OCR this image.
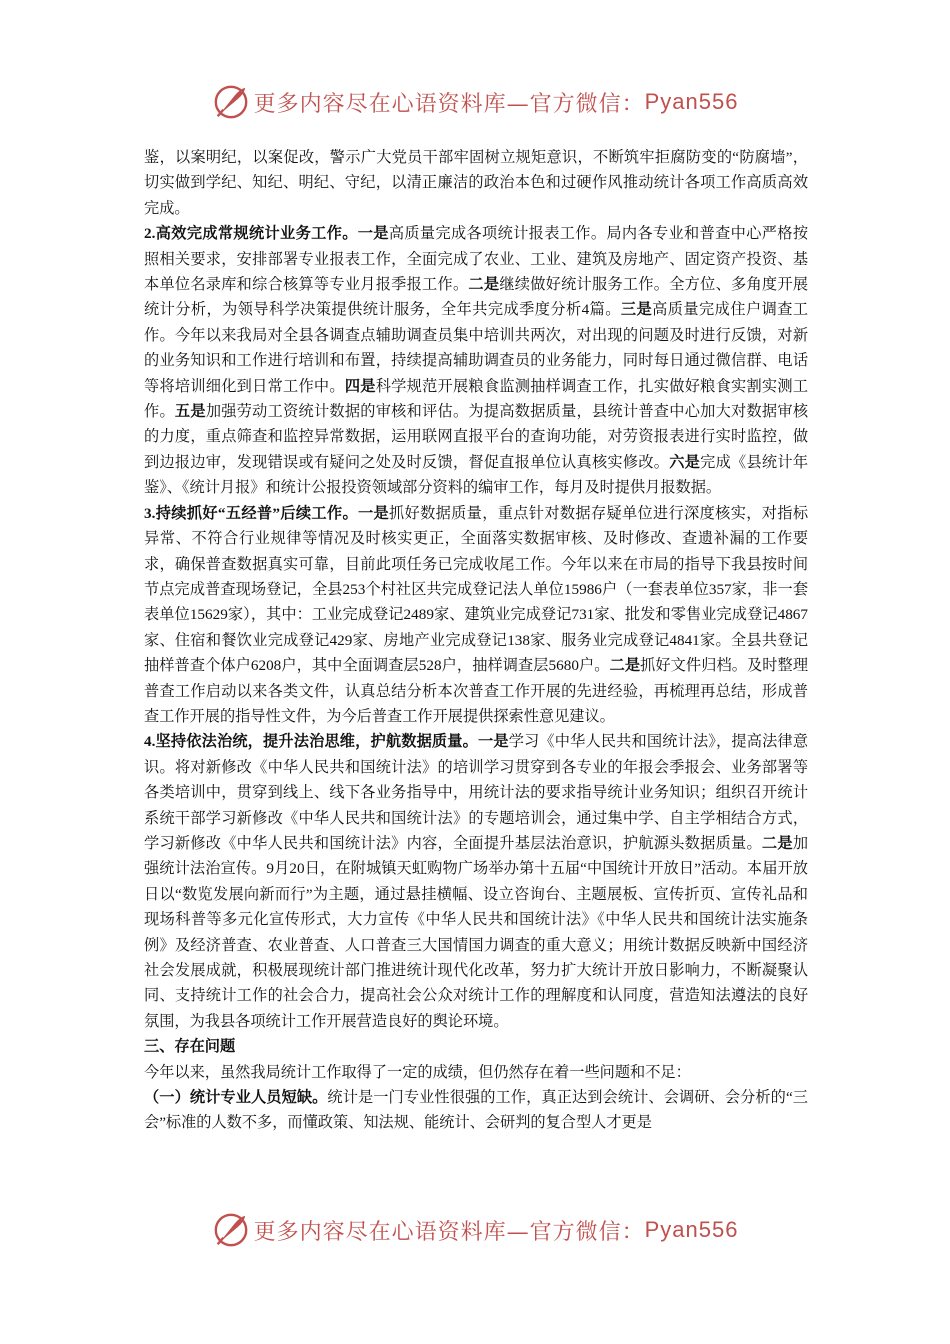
更多内容尽在心语资料库—官方微信： Pyan556

鉴，以案明纪，以案促改，警示广大党员干部牢固树立规矩意识，不断筑牢拒腐防变的“防腐墙”，切实做到学纪、知纪、明纪、守纪，以清正廉洁的政治本色和过硬作风推动统计各项工作高质高效完成。

2.高效完成常规统计业务工作。一是高质量完成各项统计报表工作。局内各专业和普查中心严格按照相关要求，安排部署专业报表工作，全面完成了农业、工业、建筑及房地产、固定资产投资、基本单位名录库和综合核算等专业月报季报工作。二是继续做好统计服务工作。全方位、多角度开展统计分析，为领导科学决策提供统计服务，全年共完成季度分析4篇。三是高质量完成住户调查工作。今年以来我局对全县各调查点辅助调查员集中培训共两次，对出现的问题及时进行反馈，对新的业务知识和工作进行培训和布置，持续提高辅助调查员的业务能力，同时每日通过微信群、电话等将培训细化到日常工作中。四是科学规范开展粮食监测抽样调查工作，扎实做好粮食实割实测工作。五是加强劳动工资统计数据的审核和评估。为提高数据质量，县统计普查中心加大对数据审核的力度，重点筛查和监控异常数据，运用联网直报平台的查询功能，对劳资报表进行实时监控，做到边报边审，发现错误或有疑问之处及时反馈，督促直报单位认真核实修改。六是完成《县统计年鉴》、《统计月报》和统计公报投资领域部分资料的编审工作，每月及时提供月报数据。

3.持续抓好“五经普”后续工作。一是抓好数据质量，重点针对数据存疑单位进行深度核实，对指标异常、不符合行业规律等情况及时核实更正，全面落实数据审核、及时修改、查遗补漏的工作要求，确保普查数据真实可靠，目前此项任务已完成收尾工作。今年以来在市局的指导下我县按时间节点完成普查现场登记，全县253个村社区共完成登记法人单位15986户（一套表单位357家，非一套表单位15629家），其中：工业完成登记2489家、建筑业完成登记731家、批发和零售业完成登记4867家、住宿和餐饮业完成登记429家、房地产业完成登记138家、服务业完成登记4841家。全县共登记抽样普查个体户6208户，其中全面调查层528户，抽样调查层5680户。二是抓好文件归档。及时整理普查工作启动以来各类文件，认真总结分析本次普查工作开展的先进经验，再梳理再总结，形成普查工作开展的指导性文件，为今后普查工作开展提供探索性意见建议。

4.坚持依法治统，提升法治思维，护航数据质量。一是学习《中华人民共和国统计法》，提高法律意识。将对新修改《中华人民共和国统计法》的培训学习贯穿到各专业的年报会季报会、业务部署等各类培训中，贯穿到线上、线下各业务指导中，用统计法的要求指导统计业务知识；组织召开统计系统干部学习新修改《中华人民共和国统计法》的专题培训会，通过集中学、自主学相结合方式，学习新修改《中华人民共和国统计法》内容，全面提升基层法治意识，护航源头数据质量。二是加强统计法治宣传。9月20日，在附城镇天虹购物广场举办第十五届“中国统计开放日”活动。本届开放日以“数览发展向新而行”为主题，通过悬挂横幅、设立咨询台、主题展板、宣传折页、宣传礼品和现场科普等多元化宣传形式，大力宣传《中华人民共和国统计法》《中华人民共和国统计法实施条例》及经济普查、农业普查、人口普查三大国情国力调查的重大意义；用统计数据反映新中国经济社会发展成就，积极展现统计部门推进统计现代化改革，努力扩大统计开放日影响力，不断凝聚认同、支持统计工作的社会合力，提高社会公众对统计工作的理解度和认同度，营造知法遵法的良好氛围，为我县各项统计工作开展营造良好的舆论环境。

三、存在问题

今年以来，虽然我局统计工作取得了一定的成绩，但仍然存在着一些问题和不足：

（一）统计专业人员短缺。统计是一门专业性很强的工作，真正达到会统计、会调研、会分析的“三会”标准的人数不多，而懂政策、知法规、能统计、会研判的复合型人才更是

更多内容尽在心语资料库—官方微信： Pyan556
